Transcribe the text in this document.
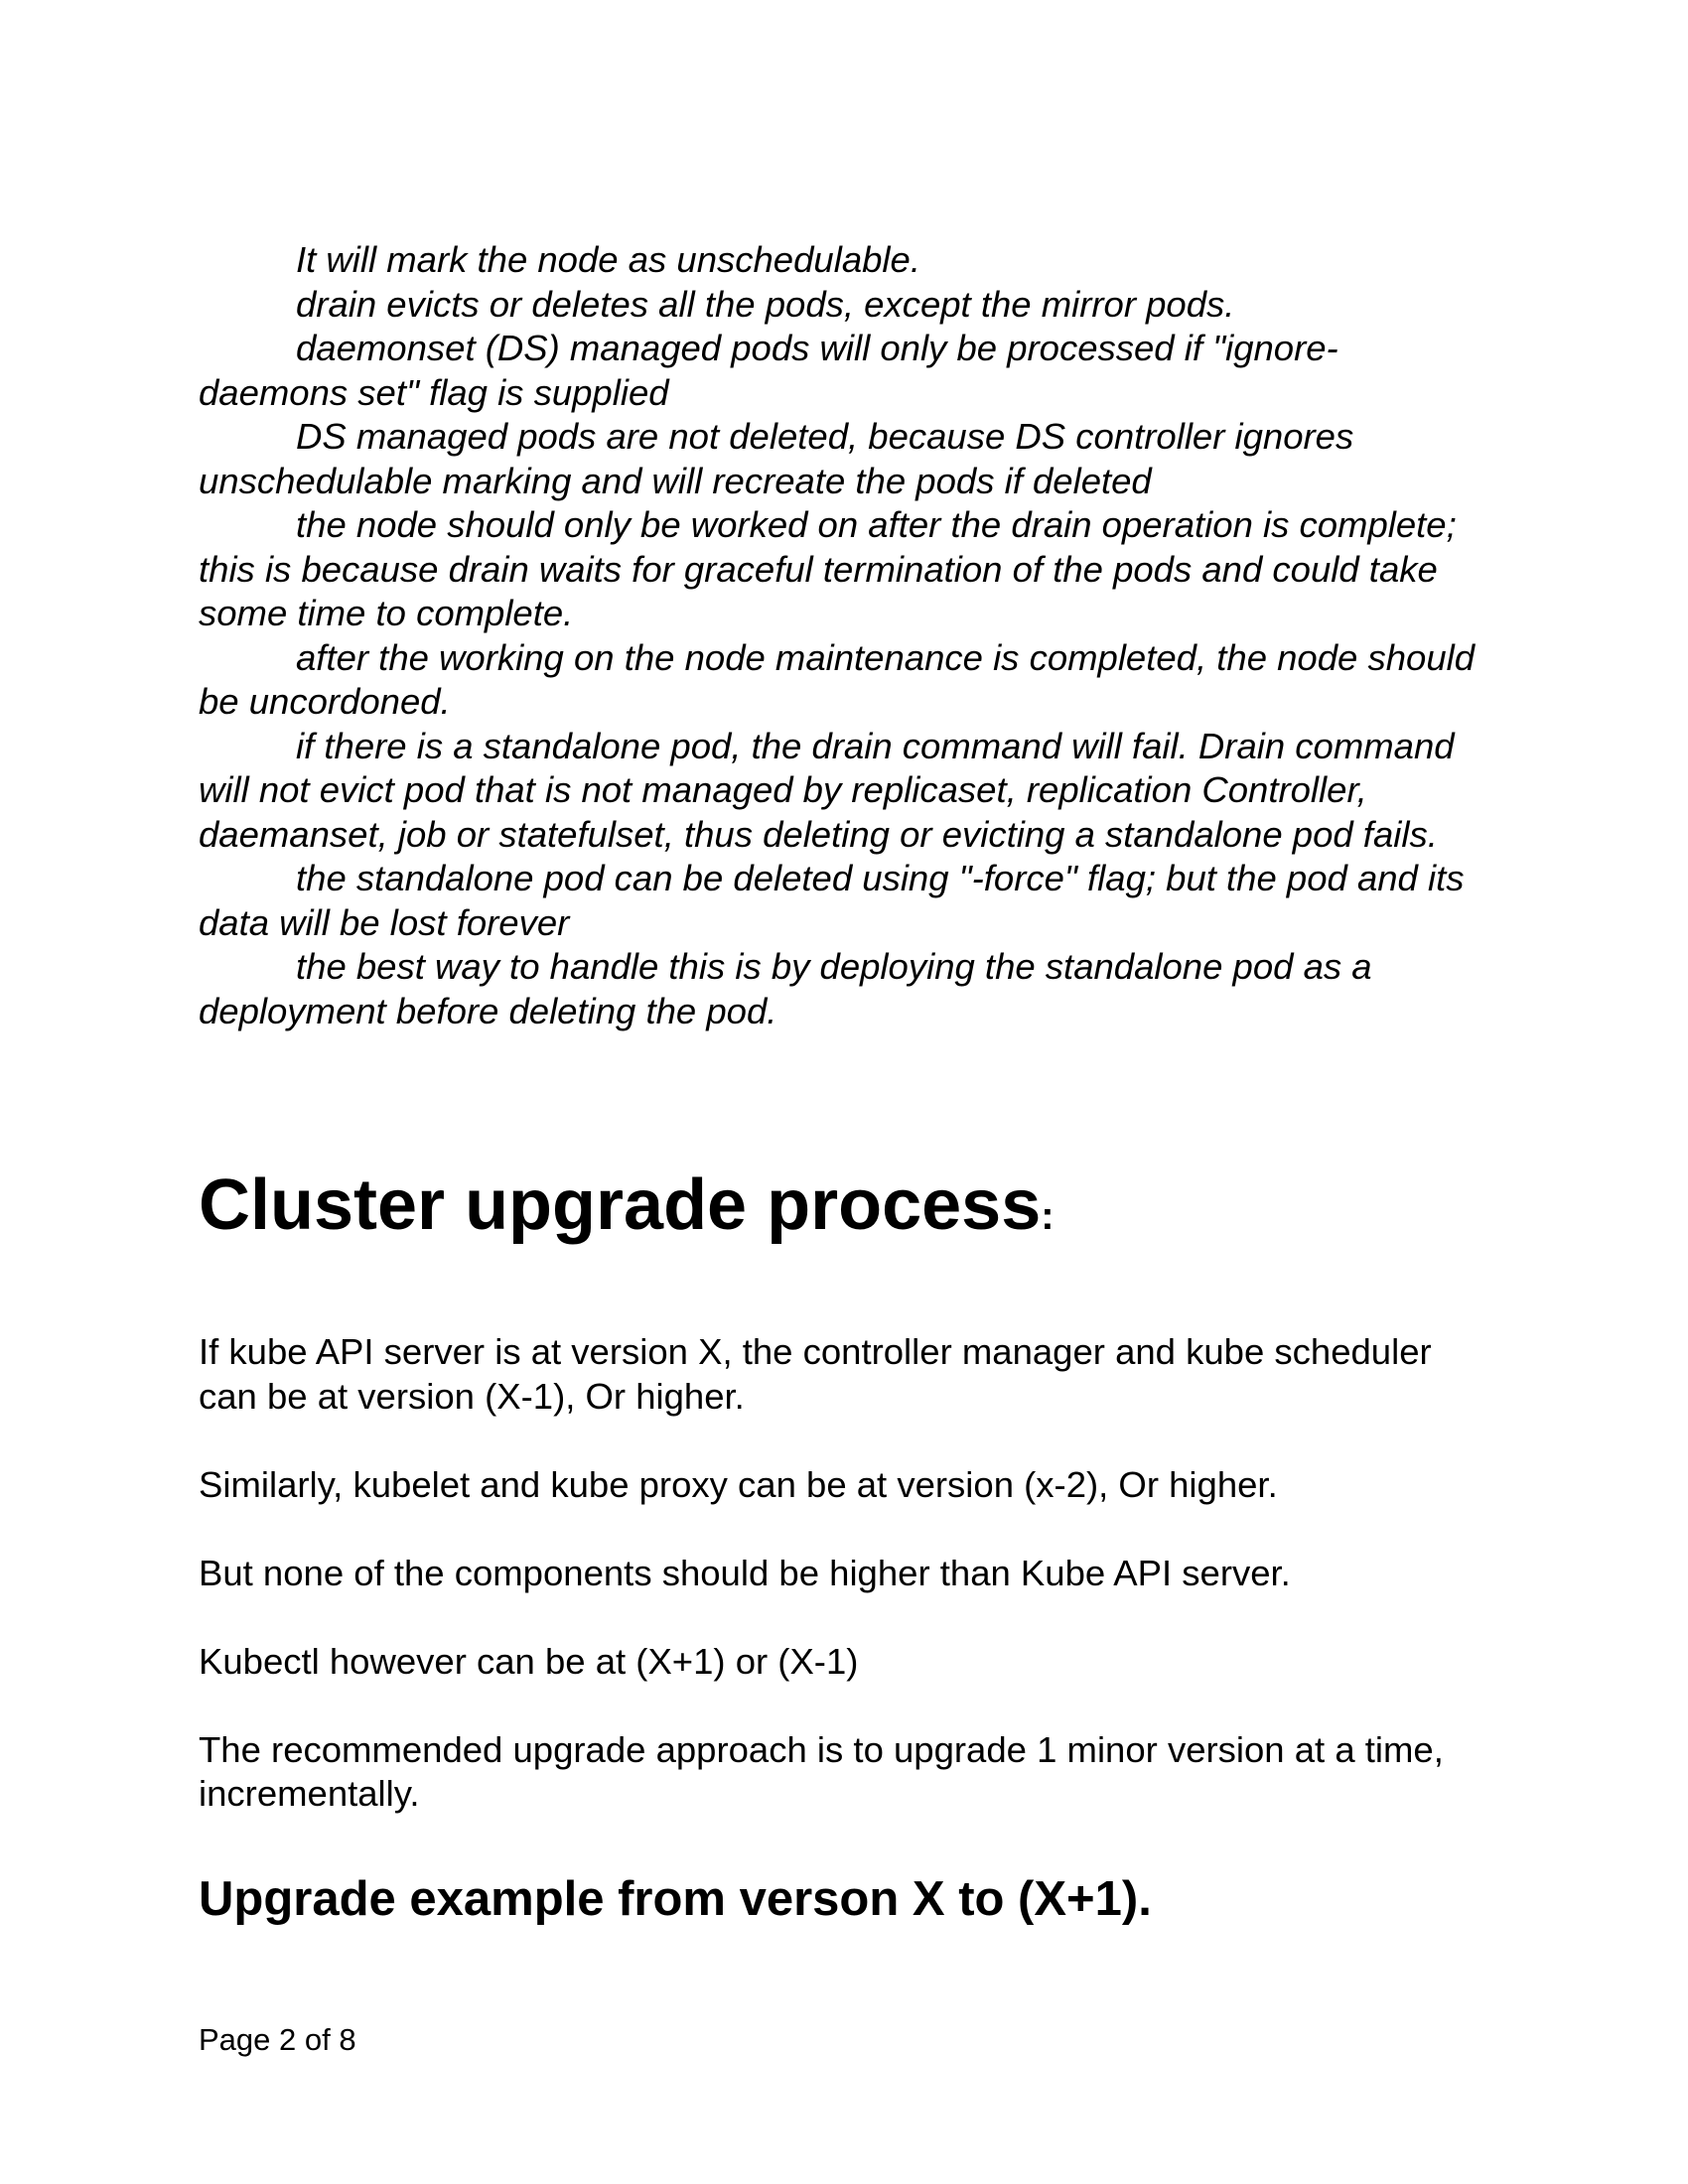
It will mark the node as unschedulable.

drain evicts or deletes all the pods, except the mirror pods.

daemonset (DS) managed pods will only be processed if "ignore-daemons set" flag is supplied

DS managed pods are not deleted, because DS controller ignores unschedulable marking and will recreate the pods if deleted

the node should only be worked on after the drain operation is complete; this is because drain waits for graceful termination of the pods and could take some time to complete.

after the working on the node maintenance is completed, the node should be uncordoned.

if there is a standalone pod, the drain command will fail. Drain command will not evict pod that is not managed by replicaset, replication Controller, daemanset, job or statefulset, thus deleting or evicting a standalone pod fails.

the standalone pod can be deleted using "-force" flag; but the pod and its data will be lost forever

the best way to handle this is by deploying the standalone pod as a deployment before deleting the pod.

Cluster upgrade process:

If kube API server is at version X, the controller manager and kube scheduler can be at version (X-1), Or higher.

Similarly, kubelet and kube proxy can be at version (x-2), Or higher.

But none of the components should be higher than Kube API server.

Kubectl however can be at (X+1) or (X-1)

The recommended upgrade approach is to upgrade 1 minor version at a time, incrementally.

Upgrade example from verson X to (X+1).
Page 2 of 8
